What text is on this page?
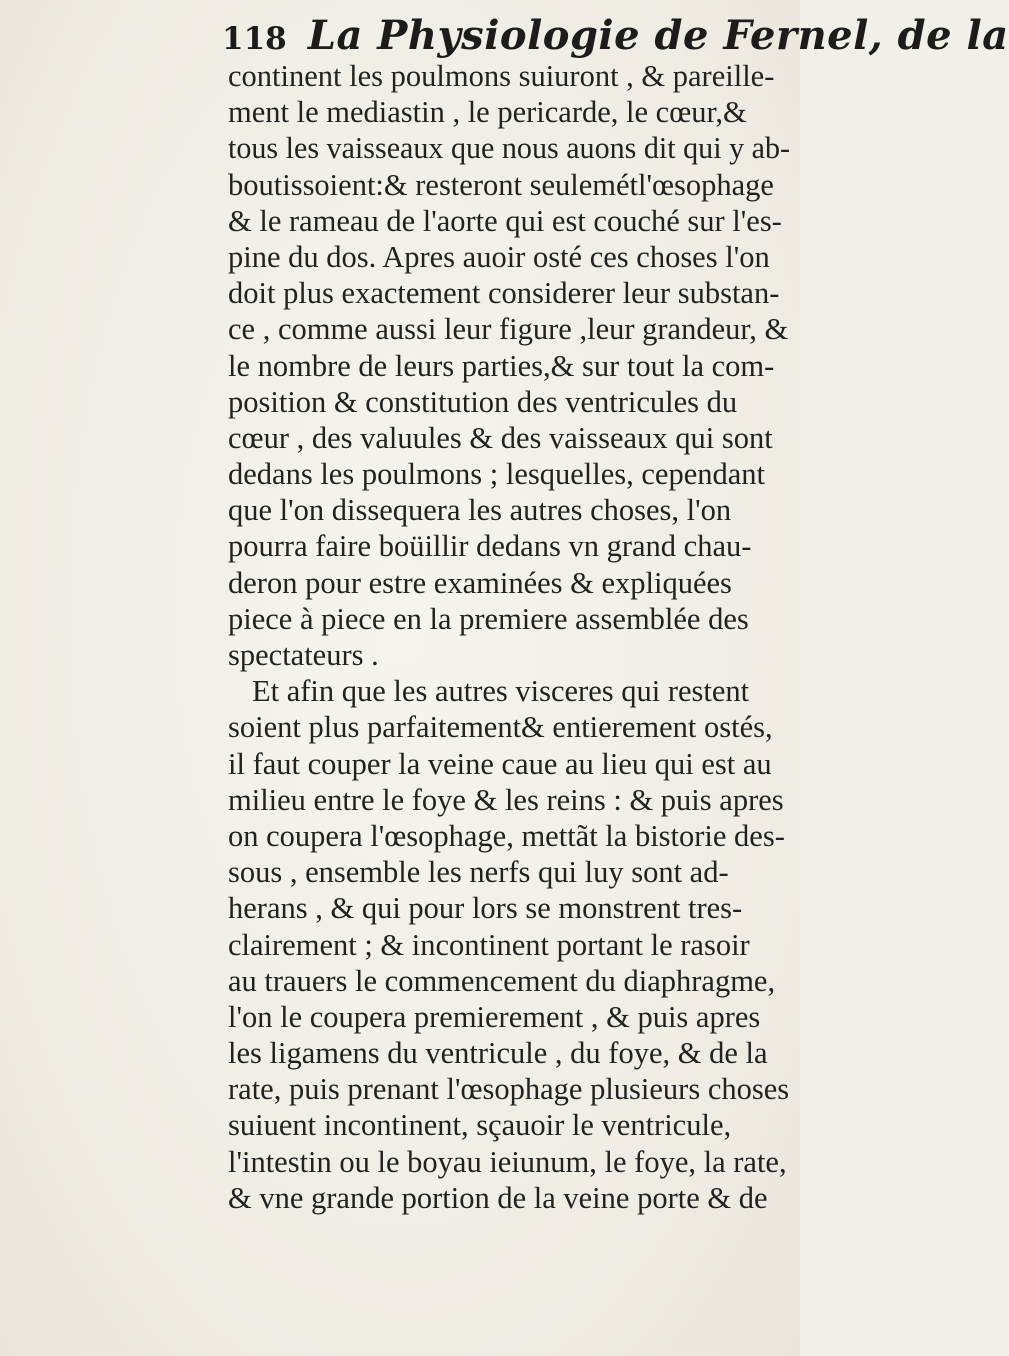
118 La Physiologie de Fernel, de la
continent les poulmons suiuront , & pareille-
ment le mediastin , le pericarde, le cœur,&
tous les vaisseaux que nous auons dit qui y ab-
boutissoient:& resteront seulemétl'œsophage
& le rameau de l'aorte qui est couché sur l'es-
pine du dos. Apres auoir osté ces choses l'on
doit plus exactement considerer leur substan-
ce , comme aussi leur figure ,leur grandeur, &
le nombre de leurs parties,& sur tout la com-
position & constitution des ventricules du
cœur , des valuules & des vaisseaux qui sont
dedans les poulmons ; lesquelles, cependant
que l'on dissequera les autres choses, l'on
pourra faire boüillir dedans vn grand chau-
deron pour estre examinées & expliquées
piece à piece en la premiere assemblée des
spectateurs .
Et afin que les autres visceres qui restent
soient plus parfaitement& entierement ostés,
il faut couper la veine caue au lieu qui est au
milieu entre le foye & les reins : & puis apres
on coupera l'œsophage, mettãt la bistorie des-
sous , ensemble les nerfs qui luy sont ad-
herans , & qui pour lors se monstrent tres-
clairement ; & incontinent portant le rasoir
au trauers le commencement du diaphragme,
l'on le coupera premierement , & puis apres
les ligamens du ventricule , du foye, & de la
rate, puis prenant l'œsophage plusieurs choses
suiuent incontinent, sçauoir le ventricule,
l'intestin ou le boyau ieiunum, le foye, la rate,
& vne grande portion de la veine porte & de
